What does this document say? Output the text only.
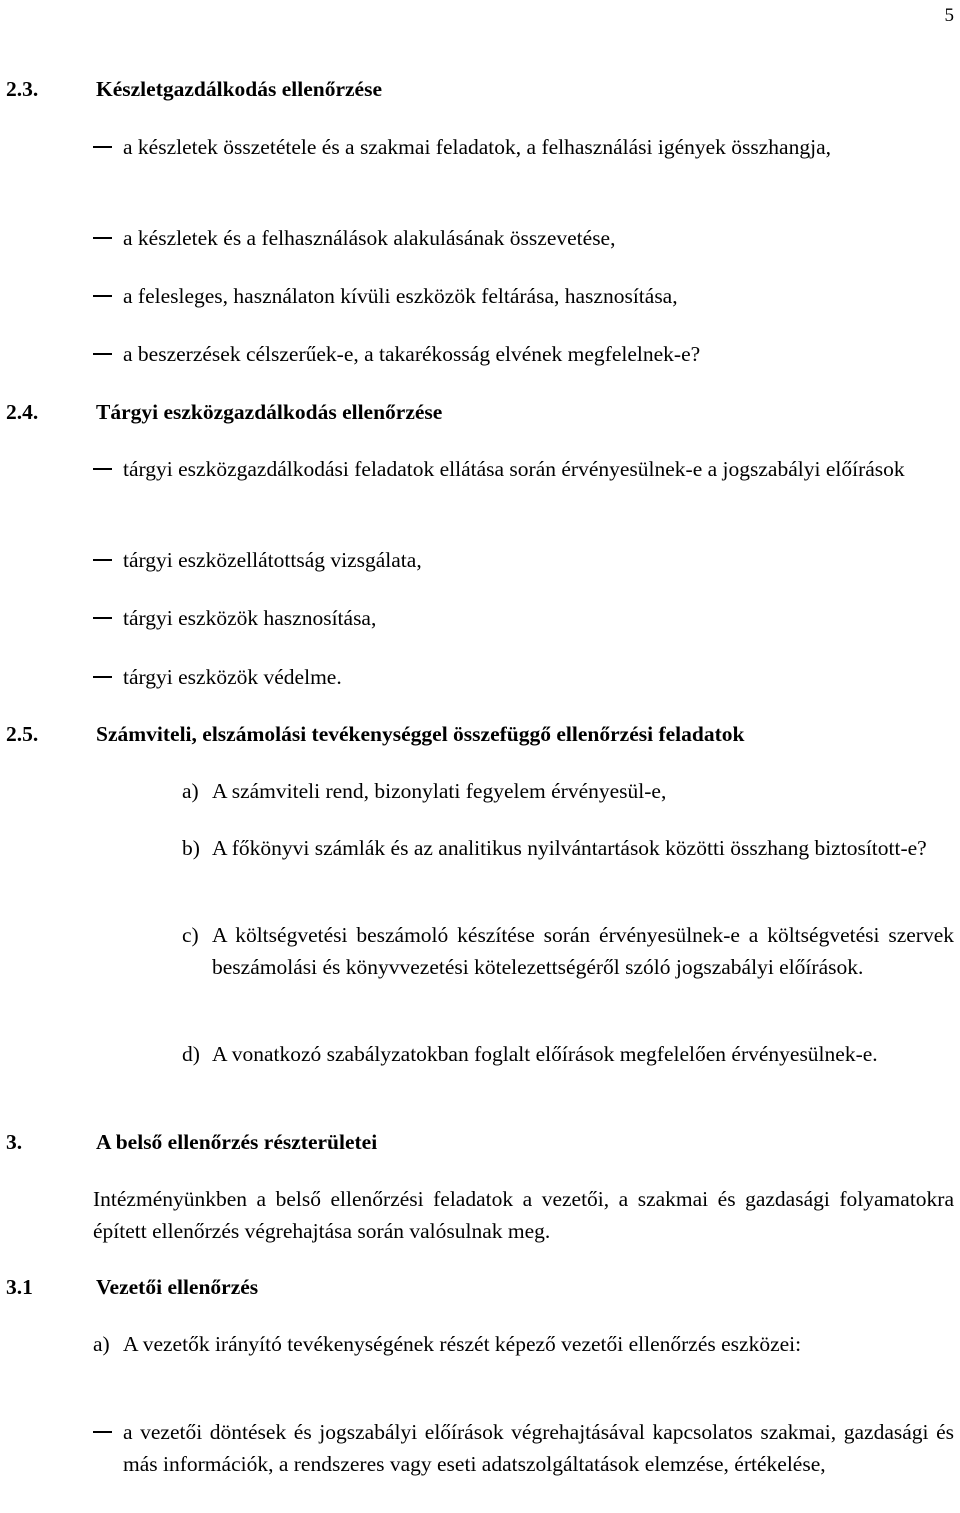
5
2.3.	Készletgazdálkodás ellenőrzése
a készletek összetétele és a szakmai feladatok, a felhasználási igények összhangja,
a készletek és a felhasználások alakulásának összevetése,
a felesleges, használaton kívüli eszközök feltárása, hasznosítása,
a beszerzések célszerűek-e, a takarékosság elvének megfelelnek-e?
2.4.	Tárgyi eszközgazdálkodás ellenőrzése
tárgyi eszközgazdálkodási feladatok ellátása során érvényesülnek-e a jogszabályi előírások
tárgyi eszközellátottság vizsgálata,
tárgyi eszközök hasznosítása,
tárgyi eszközök védelme.
2.5.	Számviteli, elszámolási tevékenységgel összefüggő ellenőrzési feladatok
a) A számviteli rend, bizonylati fegyelem érvényesül-e,
b) A főkönyvi számlák és az analitikus nyilvántartások közötti összhang biztosított-e?
c) A költségvetési beszámoló készítése során érvényesülnek-e a költségvetési szervek beszámolási és könyvvezetési kötelezettségéről szóló jogszabályi előírások.
d) A vonatkozó szabályzatokban foglalt előírások megfelelően érvényesülnek-e.
3.	A belső ellenőrzés részterületei
Intézményünkben a belső ellenőrzési feladatok a vezetői, a szakmai és gazdasági folyamatokra épített ellenőrzés végrehajtása során valósulnak meg.
3.1	Vezetői ellenőrzés
a) A vezetők irányító tevékenységének részét képező vezetői ellenőrzés eszközei:
a vezetői döntések és jogszabályi előírások végrehajtásával kapcsolatos szakmai, gazdasági és más információk, a rendszeres vagy eseti adatszolgáltatások elemzése, értékelése,
